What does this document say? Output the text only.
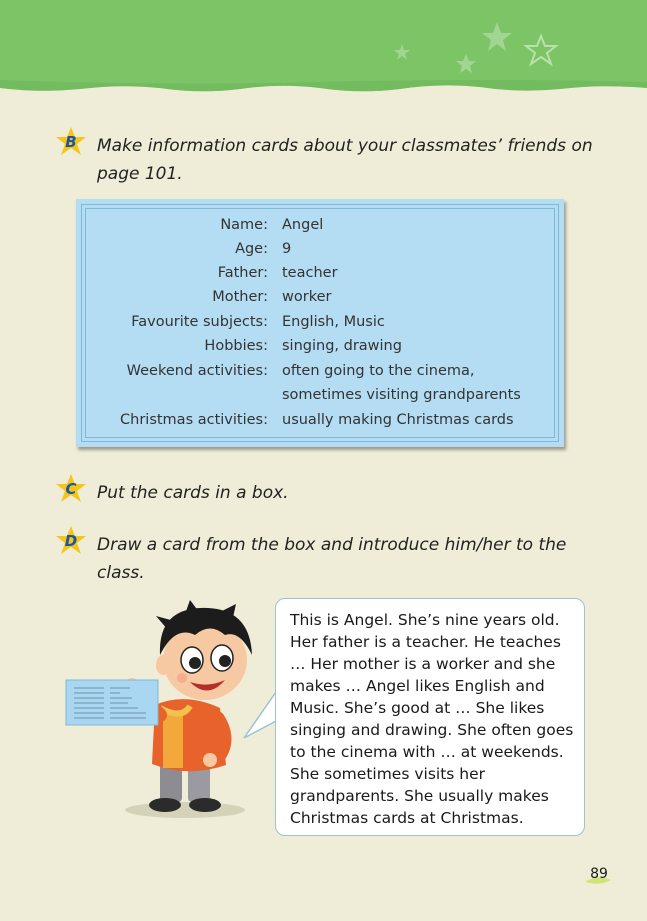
B	Make information cards about your classmates’ friends on page 101.
Name: Angel
Age: 9
Father: teacher
Mother: worker
Favourite subjects: English, Music
Hobbies: singing, drawing
Weekend activities: often going to the cinema,
sometimes visiting grandparents
Christmas activities: usually making Christmas cards
C	Put the cards in a box.
D	Draw a card from the box and introduce him/her to the class.
This is Angel. She’s nine years old. Her father is a teacher. He teaches … Her mother is a worker and she makes … Angel likes English and Music. She’s good at … She likes singing and drawing. She often goes to the cinema with … at weekends. She sometimes visits her grandparents. She usually makes Christmas cards at Christmas.
89
